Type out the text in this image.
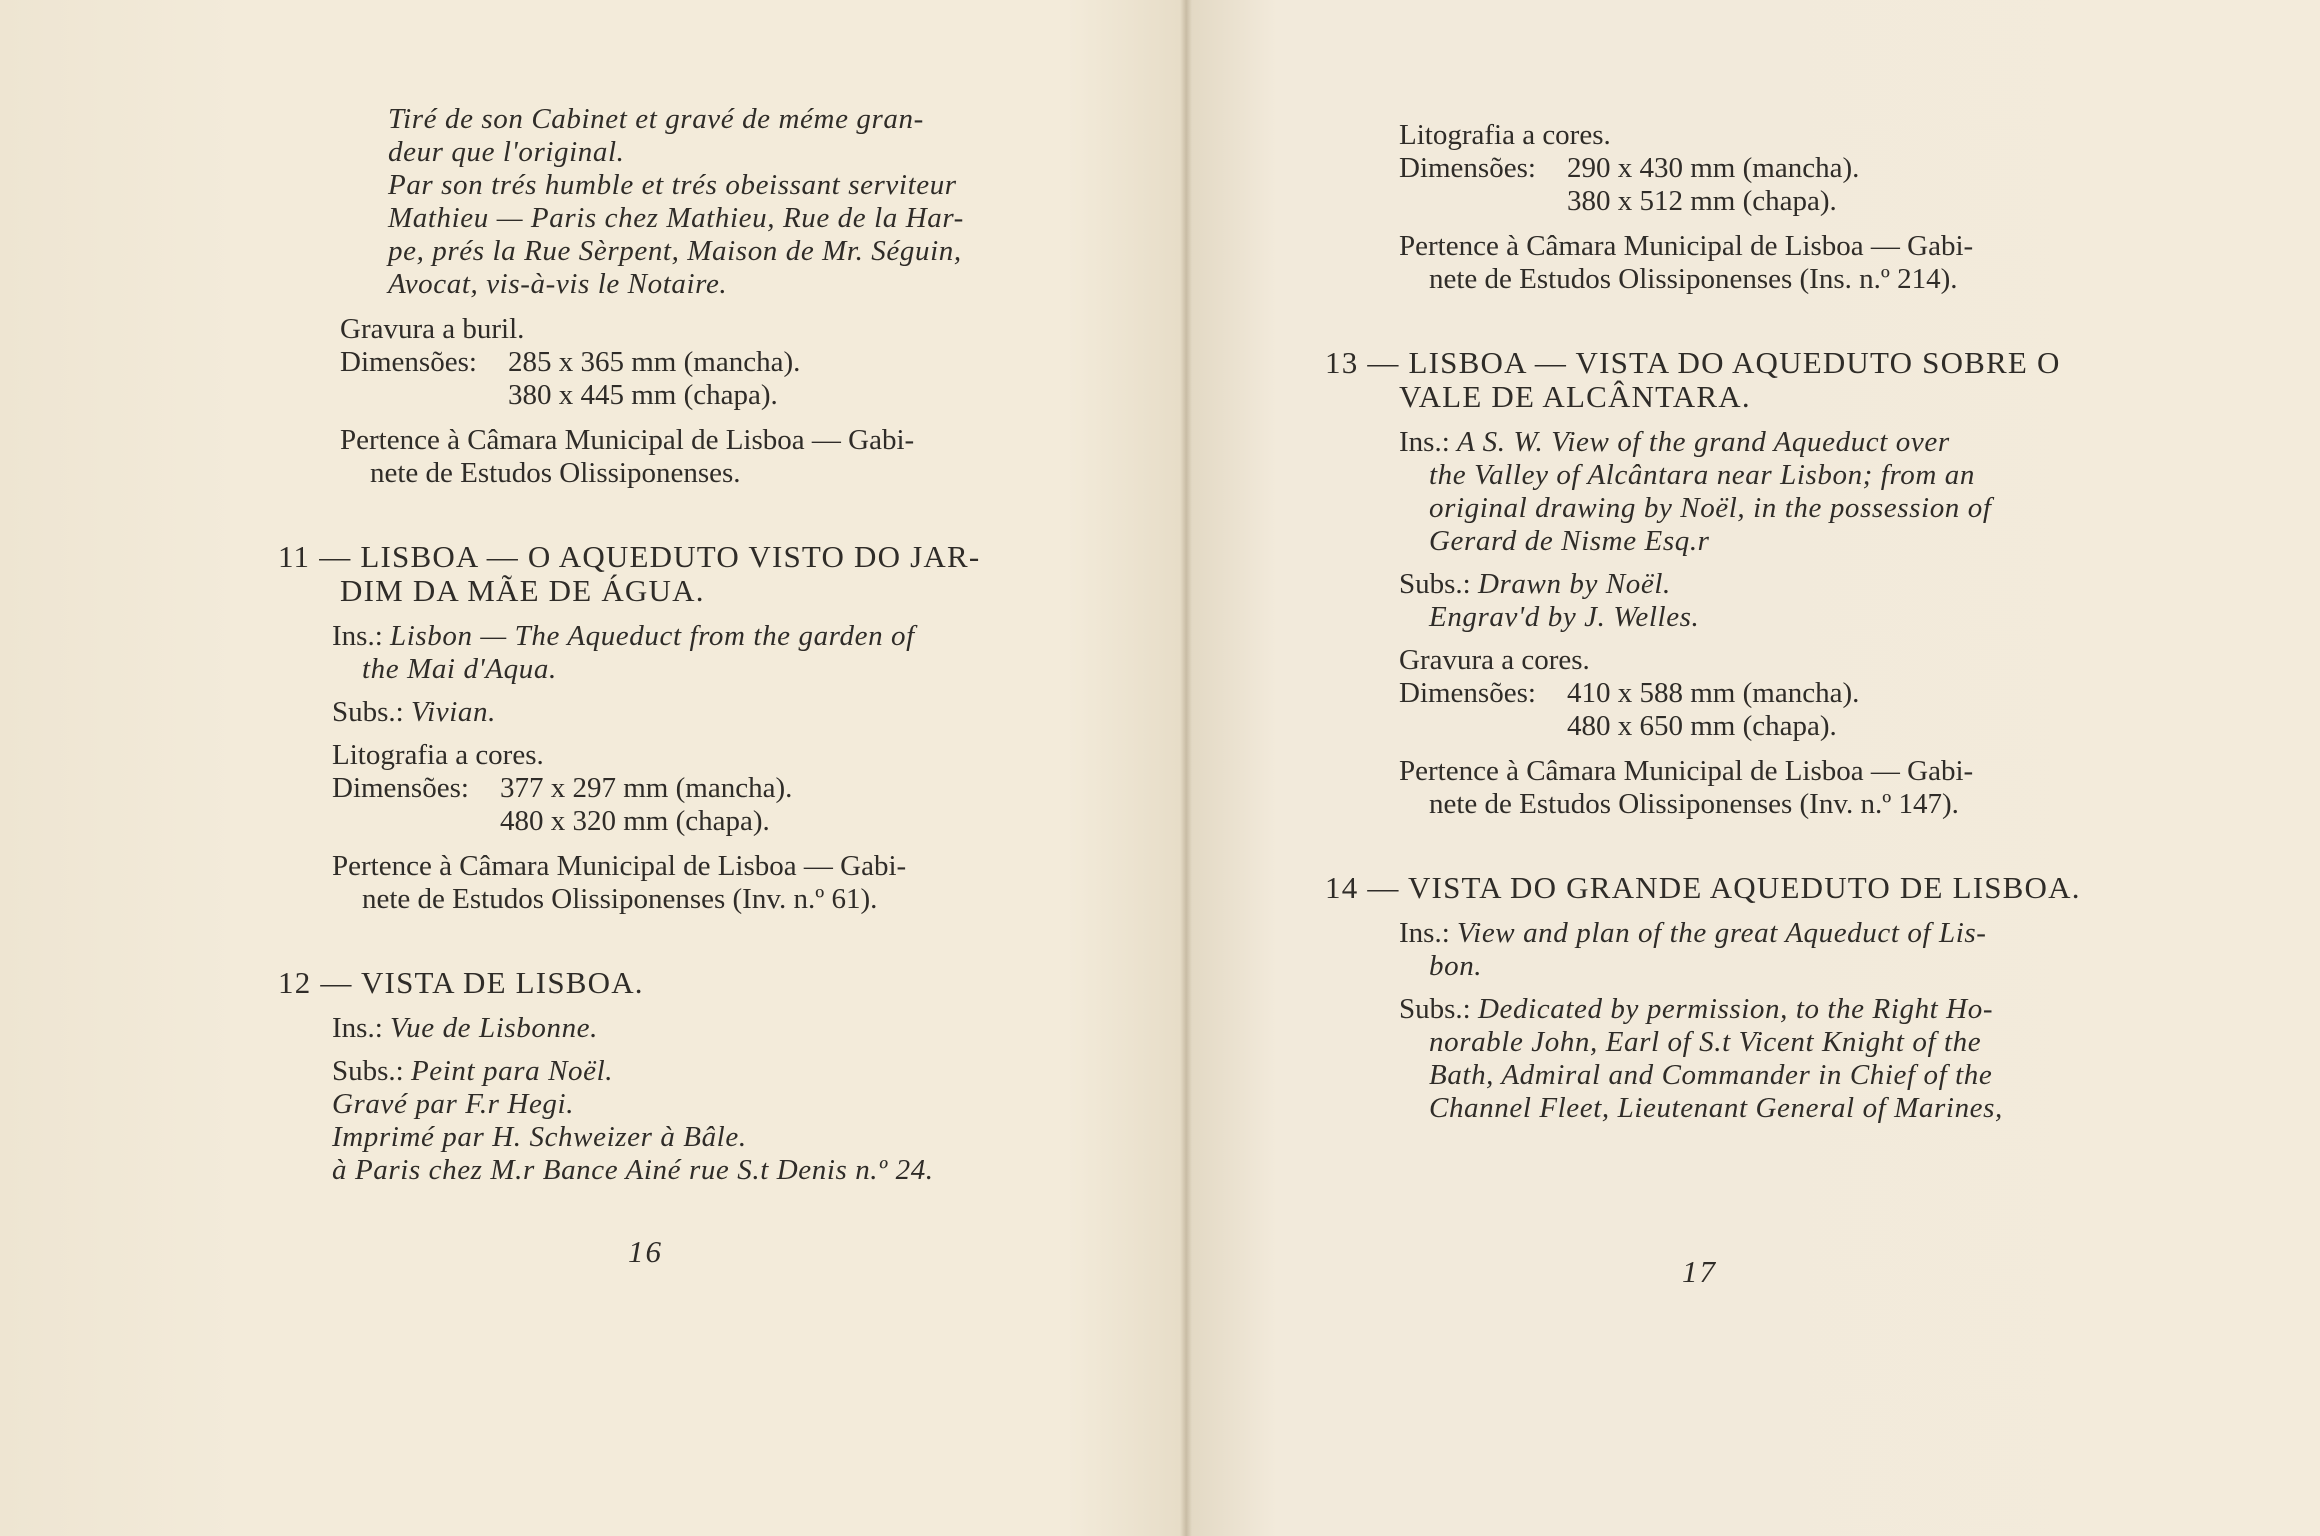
Tiré de son Cabinet et gravé de méme gran-
deur que l'original.
Par son trés humble et trés obeissant serviteur
Mathieu — Paris chez Mathieu, Rue de la Har-
pe, prés la Rue Sèrpent, Maison de Mr. Séguin,
Avocat, vis-à-vis le Notaire.
Gravura a buril.
Dimensões:	285 x 365 mm (mancha).
380 x 445 mm (chapa).
Pertence à Câmara Municipal de Lisboa — Gabi-
nete de Estudos Olissiponenses.
11 — LISBOA — O AQUEDUTO VISTO DO JAR-
DIM DA MÃE DE ÁGUA.
Ins.: Lisbon — The Aqueduct from the garden of
the Mai d'Aqua.
Subs.: Vivian.
Litografia a cores.
Dimensões:	377 x 297 mm (mancha).
480 x 320 mm (chapa).
Pertence à Câmara Municipal de Lisboa — Gabi-
nete de Estudos Olissiponenses (Inv. n.º 61).
12 — VISTA DE LISBOA.
Ins.: Vue de Lisbonne.
Subs.: Peint para Noël.
Gravé par F.r Hegi.
Imprimé par H. Schweizer à Bâle.
à Paris chez M.r Bance Ainé rue S.t Denis n.º 24.
16
Litografia a cores.
Dimensões:	290 x 430 mm (mancha).
380 x 512 mm (chapa).
Pertence à Câmara Municipal de Lisboa — Gabi-
nete de Estudos Olissiponenses (Ins. n.º 214).
13 — LISBOA — VISTA DO AQUEDUTO SOBRE O
VALE DE ALCÂNTARA.
Ins.: A S. W. View of the grand Aqueduct over
the Valley of Alcântara near Lisbon; from an
original drawing by Noël, in the possession of
Gerard de Nisme Esq.r
Subs.: Drawn by Noël.
Engrav'd by J. Welles.
Gravura a cores.
Dimensões:	410 x 588 mm (mancha).
480 x 650 mm (chapa).
Pertence à Câmara Municipal de Lisboa — Gabi-
nete de Estudos Olissiponenses (Inv. n.º 147).
14 — VISTA DO GRANDE AQUEDUTO DE LISBOA.
Ins.: View and plan of the great Aqueduct of Lis-
bon.
Subs.: Dedicated by permission, to the Right Ho-
norable John, Earl of S.t Vicent Knight of the
Bath, Admiral and Commander in Chief of the
Channel Fleet, Lieutenant General of Marines,
17
